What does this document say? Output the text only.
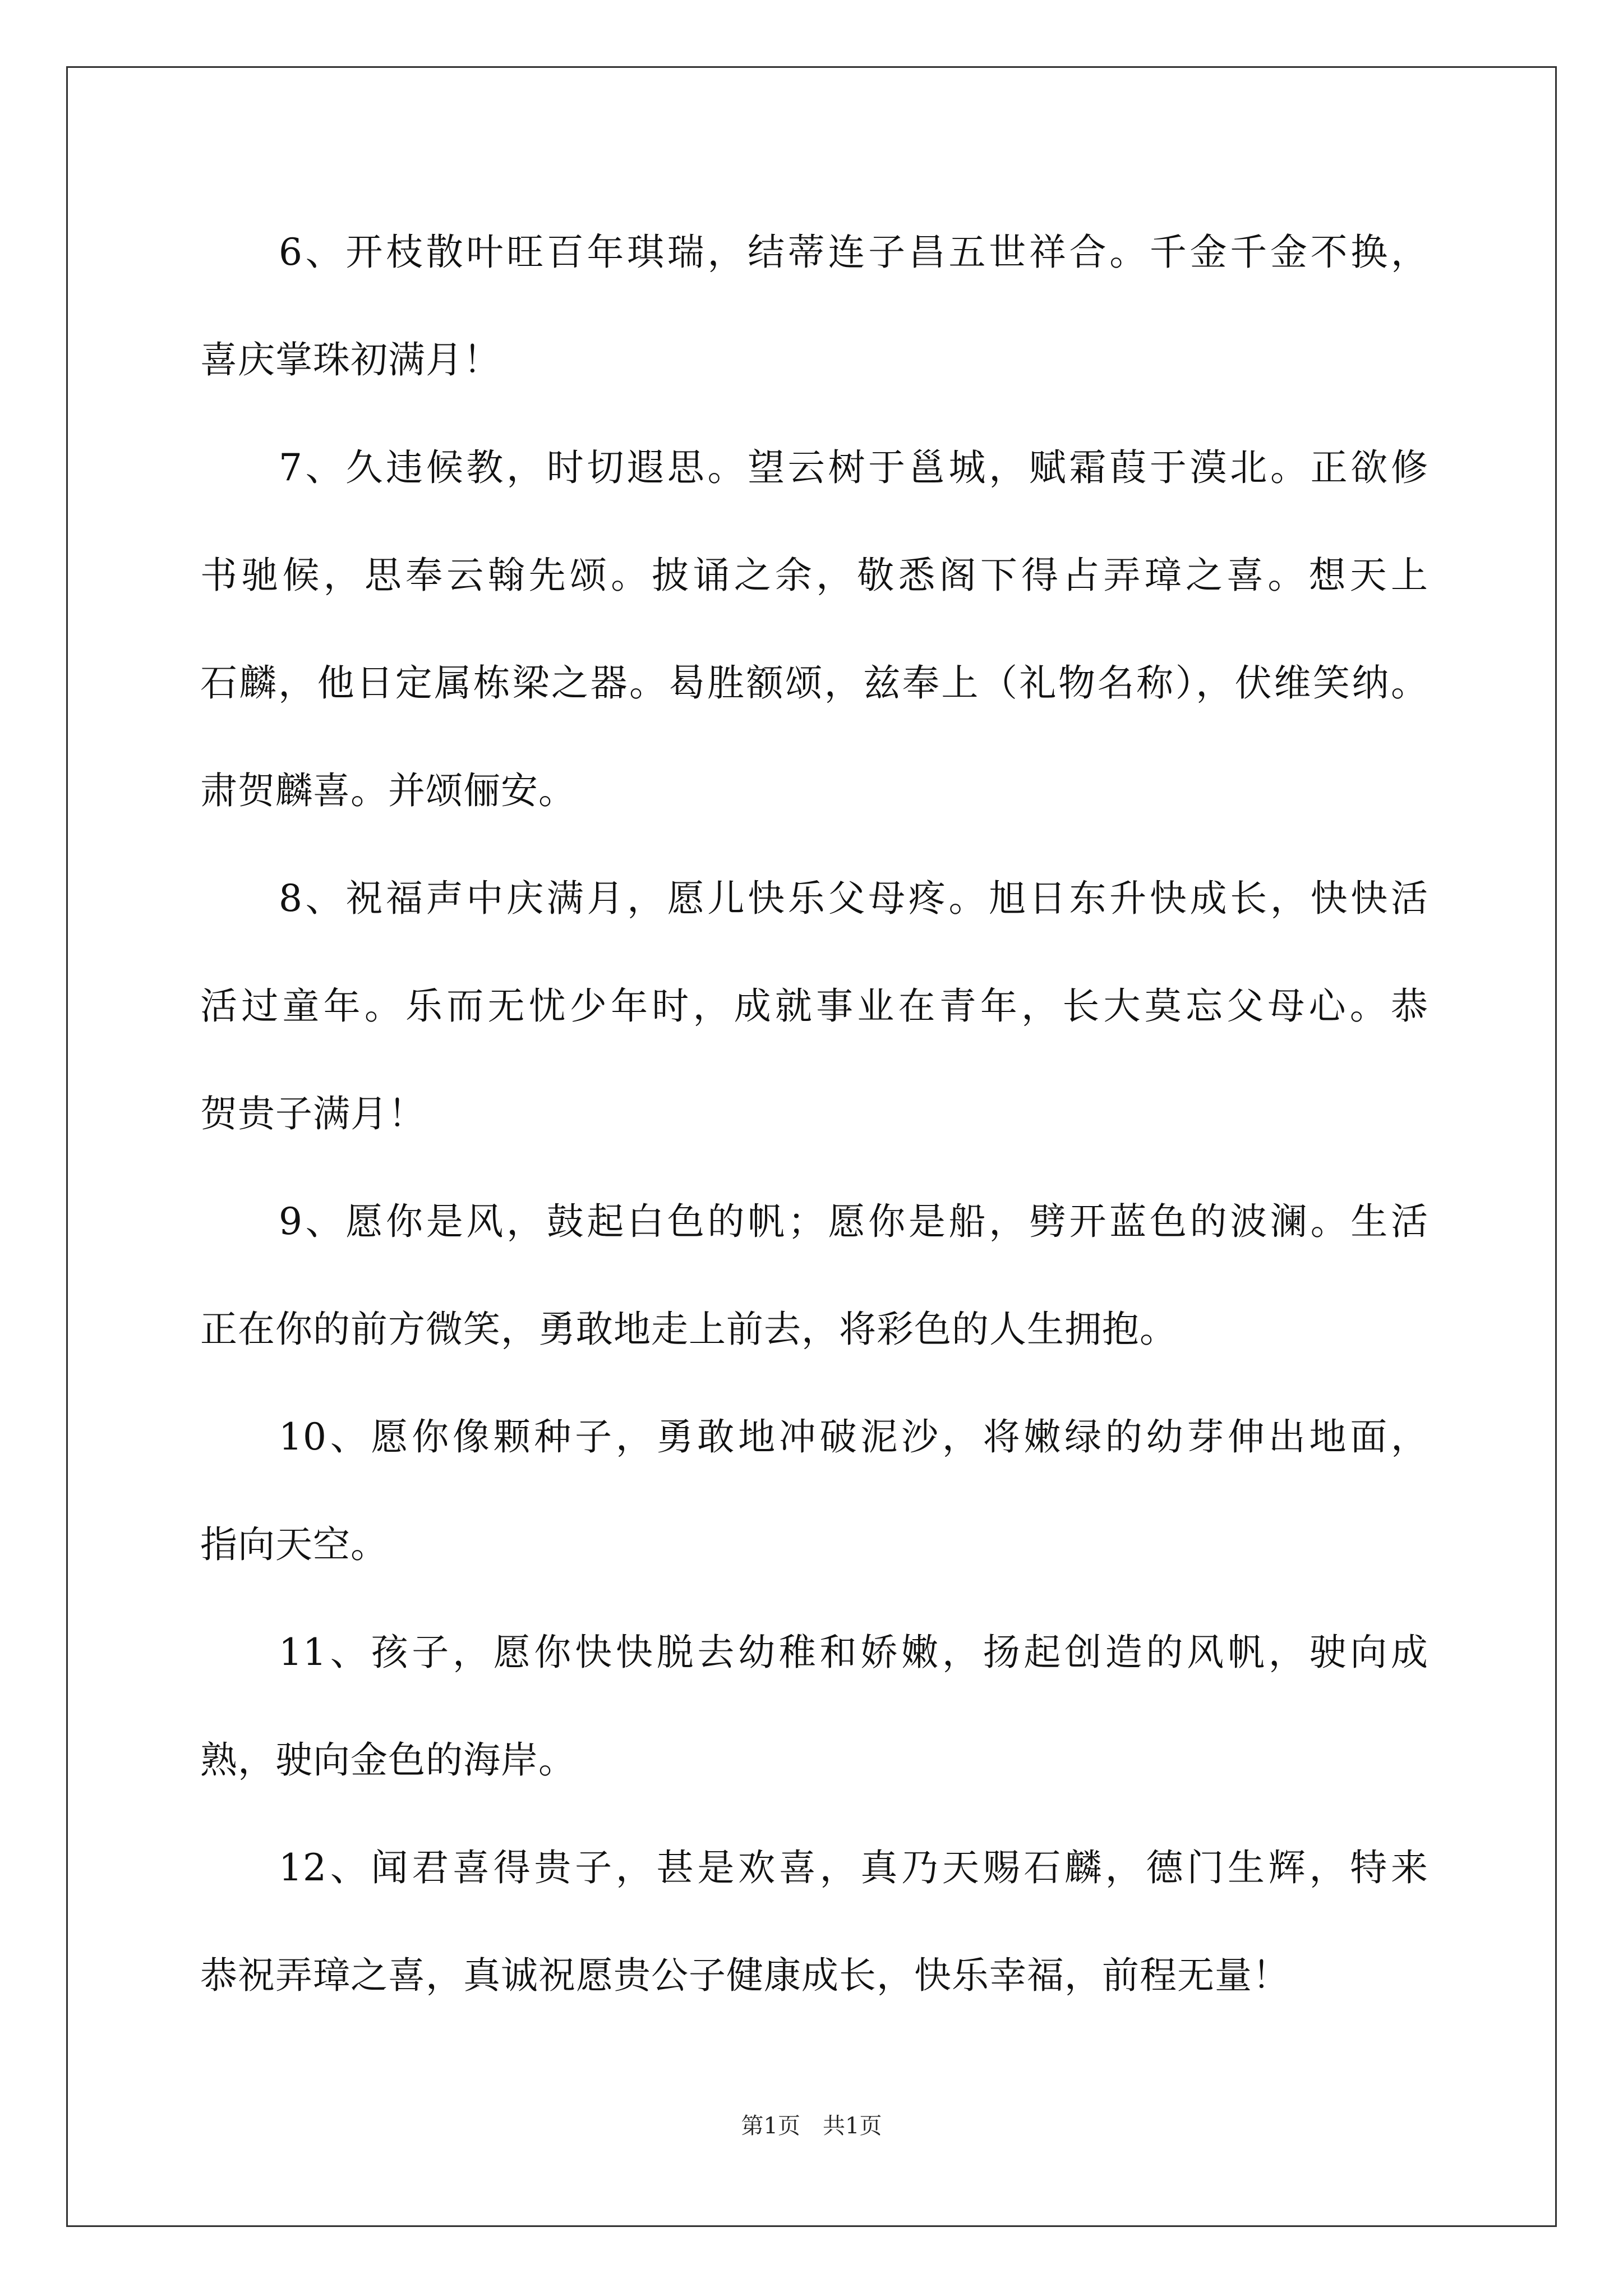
6、开枝散叶旺百年琪瑞，结蒂连子昌五世祥合。千金千金不换，
喜庆掌珠初满月！
7、久违候教，时切遐思。望云树于邕城，赋霜葭于漠北。正欲修
书驰候，思奉云翰先颂。披诵之余，敬悉阁下得占弄璋之喜。想天上
石麟，他日定属栋梁之器。曷胜额颂，兹奉上（礼物名称），伏维笑纳。
肃贺麟喜。并颂俪安。
8、祝福声中庆满月，愿儿快乐父母疼。旭日东升快成长，快快活
活过童年。乐而无忧少年时，成就事业在青年，长大莫忘父母心。恭
贺贵子满月！
9、愿你是风，鼓起白色的帆；愿你是船，劈开蓝色的波澜。生活
正在你的前方微笑，勇敢地走上前去，将彩色的人生拥抱。
10、愿你像颗种子，勇敢地冲破泥沙，将嫩绿的幼芽伸出地面，
指向天空。
11、孩子，愿你快快脱去幼稚和娇嫩，扬起创造的风帆，驶向成
熟，驶向金色的海岸。
12、闻君喜得贵子，甚是欢喜，真乃天赐石麟，德门生辉，特来
恭祝弄璋之喜，真诚祝愿贵公子健康成长，快乐幸福，前程无量！
第1页　共1页
